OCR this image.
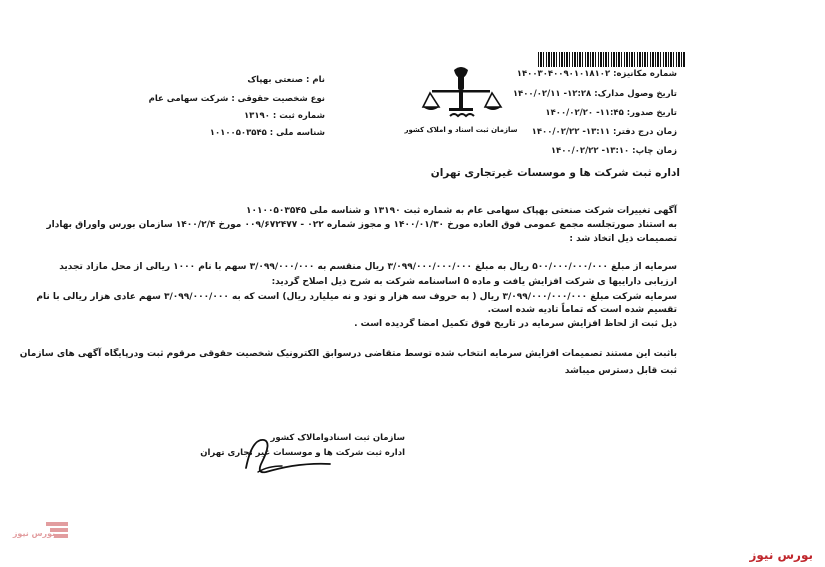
شماره مکانیزه: ۱۴۰۰۳۰۴۰۰۹۰۱۰۱۸۱۰۲
تاریخ وصول مدارک: ۱۲:۲۸- ۱۴۰۰/۰۲/۱۱
تاریخ صدور: ۱۱:۴۵- ۱۴۰۰/۰۲/۲۰
زمان درج دفتر: ۱۳:۱۱- ۱۴۰۰/۰۲/۲۲
زمان چاپ: ۱۳:۱۰- ۱۴۰۰/۰۲/۲۲
سازمان ثبت اسناد و املاک کشور
نام : صنعتی بهپاک
نوع شخصیت حقوقی : شرکت سهامی عام
شماره ثبت : ۱۳۱۹۰
شناسه ملی : ۱۰۱۰۰۵۰۳۵۴۵
اداره ثبت شرکت ها و موسسات غیرتجاری تهران
آگهی تغییرات شرکت صنعتی بهپاک سهامی عام به شماره ثبت ۱۳۱۹۰ و شناسه ملی ۱۰۱۰۰۵۰۳۵۴۵
به استناد صورتجلسه مجمع عمومی فوق العاده مورخ ۱۴۰۰/۰۱/۳۰ و مجوز شماره ۰۲۲ - ۰۰۹/۶۷۲۴۷۷ مورخ ۱۴۰۰/۲/۴ سازمان بورس واوراق بهادار
تصمیمات ذیل اتخاذ شد :
سرمایه از مبلغ ۵۰۰/۰۰۰/۰۰۰/۰۰۰ ریال به مبلغ ۳/۰۹۹/۰۰۰/۰۰۰/۰۰۰ ریال منقسم به ۳/۰۹۹/۰۰۰/۰۰۰ سهم با نام ۱۰۰۰ ریالی از محل مازاد تجدید
ارزیابی داراییها ی شرکت افزایش یافت و ماده ۵ اساسنامه شرکت به شرح ذیل اصلاح گردید:
سرمایه شرکت مبلغ ۳/۰۹۹/۰۰۰/۰۰۰/۰۰۰ ریال ( به حروف سه هزار و نود و نه میلیارد ریال) است که به ۳/۰۹۹/۰۰۰/۰۰۰ سهم عادی هزار ریالی با نام
تقسیم شده است که تماماً تادیه شده است.
ذیل ثبت از لحاظ افزایش سرمایه در تاریخ فوق تکمیل امضا گردیده است .
باثبت این مستند تصمیمات افزایش سرمایه انتخاب شده توسط متقاضی درسوابق الکترونیک شخصیت حقوقی مرقوم ثبت ودرپایگاه آگهی های سازمان
ثبت قابل دسترس میباشد
سازمان ثبت اسنادوامالاک کشور
اداره ثبت شرکت ها و موسسات غیر تجاری تهران
بورس نیوز
بورس نیوز
